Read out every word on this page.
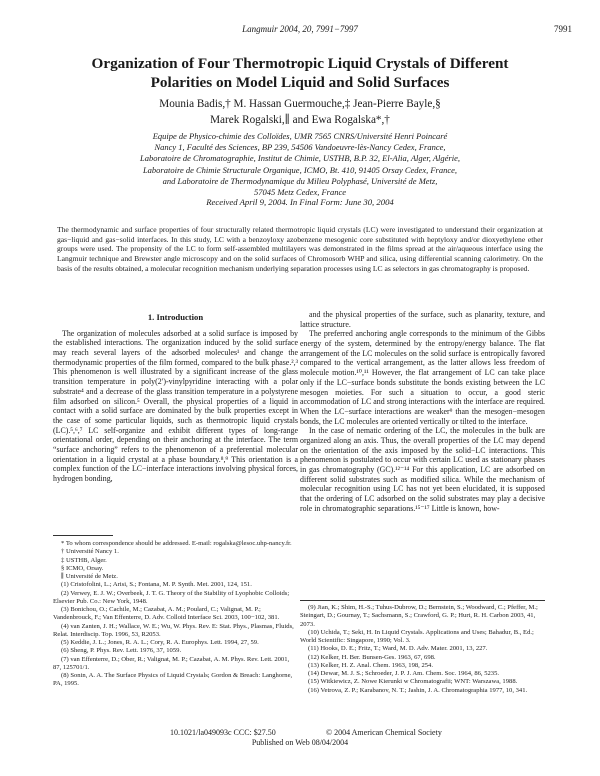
Langmuir 2004, 20, 7991−7997	7991
Organization of Four Thermotropic Liquid Crystals of Different Polarities on Model Liquid and Solid Surfaces
Mounia Badis,† M. Hassan Guermouche,‡ Jean-Pierre Bayle,§
Marek Rogalski,∥ and Ewa Rogalska*,†
Equipe de Physico-chimie des Colloïdes, UMR 7565 CNRS/Université Henri Poincaré
Nancy 1, Faculté des Sciences, BP 239, 54506 Vandoeuvre-lès-Nancy Cedex, France,
Laboratoire de Chromatographie, Institut de Chimie, USTHB, B.P. 32, El-Alia, Alger, Algérie,
Laboratoire de Chimie Structurale Organique, ICMO, Bt. 410, 91405 Orsay Cedex, France,
and Laboratoire de Thermodynamique du Milieu Polyphasé, Université de Metz,
57045 Metz Cedex, France
Received April 9, 2004. In Final Form: June 30, 2004
The thermodynamic and surface properties of four structurally related thermotropic liquid crystals (LC) were investigated to understand their organization at gas−liquid and gas−solid interfaces. In this study, LC with a benzoyloxy azobenzene mesogenic core substituted with heptyloxy and/or dioxyethylene ether groups were used. The propensity of the LC to form self-assembled multilayers was demonstrated in the films spread at the air/aqueous interface using the Langmuir technique and Brewster angle microscopy and on the solid surfaces of Chromosorb WHP and silica, using differential scanning calorimetry. On the basis of the results obtained, a molecular recognition mechanism underlying separation processes using LC as selectors in gas chromatography is proposed.
1. Introduction

The organization of molecules adsorbed at a solid surface is imposed by the established interactions. The organization induced by the solid surface may reach several layers of the adsorbed molecules¹ and change the thermodynamic properties of the film formed, compared to the bulk phase.²,³ This phenomenon is well illustrated by a significant increase of the glass transition temperature in poly(2′)-vinylpyridine interacting with a polar substrate⁴ and a decrease of the glass transition temperature in a polystyrene film adsorbed on silicon.⁵ Overall, the physical properties of a liquid in contact with a solid surface are dominated by the bulk properties except in the case of some particular liquids, such as thermotropic liquid crystals (LC).⁵,⁶,⁷ LC self-organize and exhibit different types of long-range orientational order, depending on their anchoring at the interface. The term “surface anchoring” refers to the phenomenon of a preferential molecular orientation in a liquid crystal at a phase boundary.⁸,⁹ This orientation is a complex function of the LC−interface interactions involving physical forces, hydrogen bonding,

and the physical properties of the surface, such as planarity, texture, and lattice structure.

The preferred anchoring angle corresponds to the minimum of the Gibbs energy of the system, determined by the entropy/energy balance. The flat arrangement of the LC molecules on the solid surface is entropically favored compared to the vertical arrangement, as the latter allows less freedom of molecule motion.¹⁰,¹¹ However, the flat arrangement of LC can take place only if the LC−surface bonds substitute the bonds existing between the LC mesogen moieties. For such a situation to occur, a good steric accommodation of LC and strong interactions with the interface are required. When the LC−surface interactions are weaker⁹ than the mesogen−mesogen bonds, the LC molecules are oriented vertically or tilted to the interface.

In the case of nematic ordering of the LC, the molecules in the bulk are organized along an axis. Thus, the overall properties of the LC may depend on the orientation of the axis imposed by the solid−LC interactions. This phenomenon is postulated to occur with certain LC used as stationary phases in gas chromatography (GC).¹²⁻¹⁴ For this application, LC are adsorbed on different solid substrates such as modified silica. While the mechanism of molecular recognition using LC has not yet been elucidated, it is supposed that the ordering of LC adsorbed on the solid substrates may play a decisive role in chromatographic separations.¹⁵⁻¹⁷ Little is known, how-

* To whom correspondence should be addressed. E-mail: rogalska@lesoc.uhp-nancy.fr.
† Université Nancy 1.
‡ USTHB, Alger.
§ ICMO, Orsay.
∥ Université de Metz.
(1) Cristofolini, L.; Arisi, S.; Fontana, M. P. Synth. Met. 2001, 124, 151.
(2) Verwey, E. J. W.; Overbeek, J. T. G. Theory of the Stability of Lyophobic Colloids; Elsevier Pub. Co.: New York, 1948.
(3) Bonichou, O.; Cachile, M.; Cazabat, A. M.; Poulard, C.; Valignat, M. P.; Vandenbrouck, F.; Van Effenterre, D. Adv. Colloid Interface Sci. 2003, 100−102, 381.
(4) van Zanten, J. H.; Wallace, W. E.; Wu, W. Phys. Rev. E: Stat. Phys., Plasmas, Fluids, Relat. Interdiscip. Top. 1996, 53, R2053.
(5) Keddie, J. L.; Jones, R. A. L.; Cory, R. A. Europhys. Lett. 1994, 27, 59.
(6) Sheng, P. Phys. Rev. Lett. 1976, 37, 1059.
(7) van Effenterre, D.; Ober, R.; Valignat, M. P.; Cazabat, A. M. Phys. Rev. Lett. 2001, 87, 125701/1.
(8) Sonin, A. A. The Surface Physics of Liquid Crystals; Gordon & Breach: Langhorne, PA, 1995.
(9) Jian, K.; Shim, H.-S.; Tuhus-Dubrow, D.; Bernstein, S.; Woodward, C.; Pfeffer, M.; Steingart, D.; Gournay, T.; Sachsmann, S.; Crawford, G. P.; Hurt, R. H. Carbon 2003, 41, 2073.
(10) Uchida, T.; Seki, H. In Liquid Crystals. Applications and Uses; Bahadur, B., Ed.; World Scientific: Singapore, 1990; Vol. 3.
(11) Hooks, D. E.; Fritz, T.; Ward, M. D. Adv. Mater. 2001, 13, 227.
(12) Kelker, H. Ber. Bunsen-Ges. 1963, 67, 698.
(13) Kelker, H. Z. Anal. Chem. 1963, 198, 254.
(14) Dewar, M. J. S.; Schroeder, J. P. J. Am. Chem. Soc. 1964, 86, 5235.
(15) Witkiewicz, Z. Nowe Kierunki w Chromatografii; WNT: Warszawa, 1988.
(16) Vetrova, Z. P.; Karabanov, N. T.; Jashin, J. A. Chromatographia 1977, 10, 341.
10.1021/la049093c CCC: $27.50	© 2004 American Chemical Society
Published on Web 08/04/2004
